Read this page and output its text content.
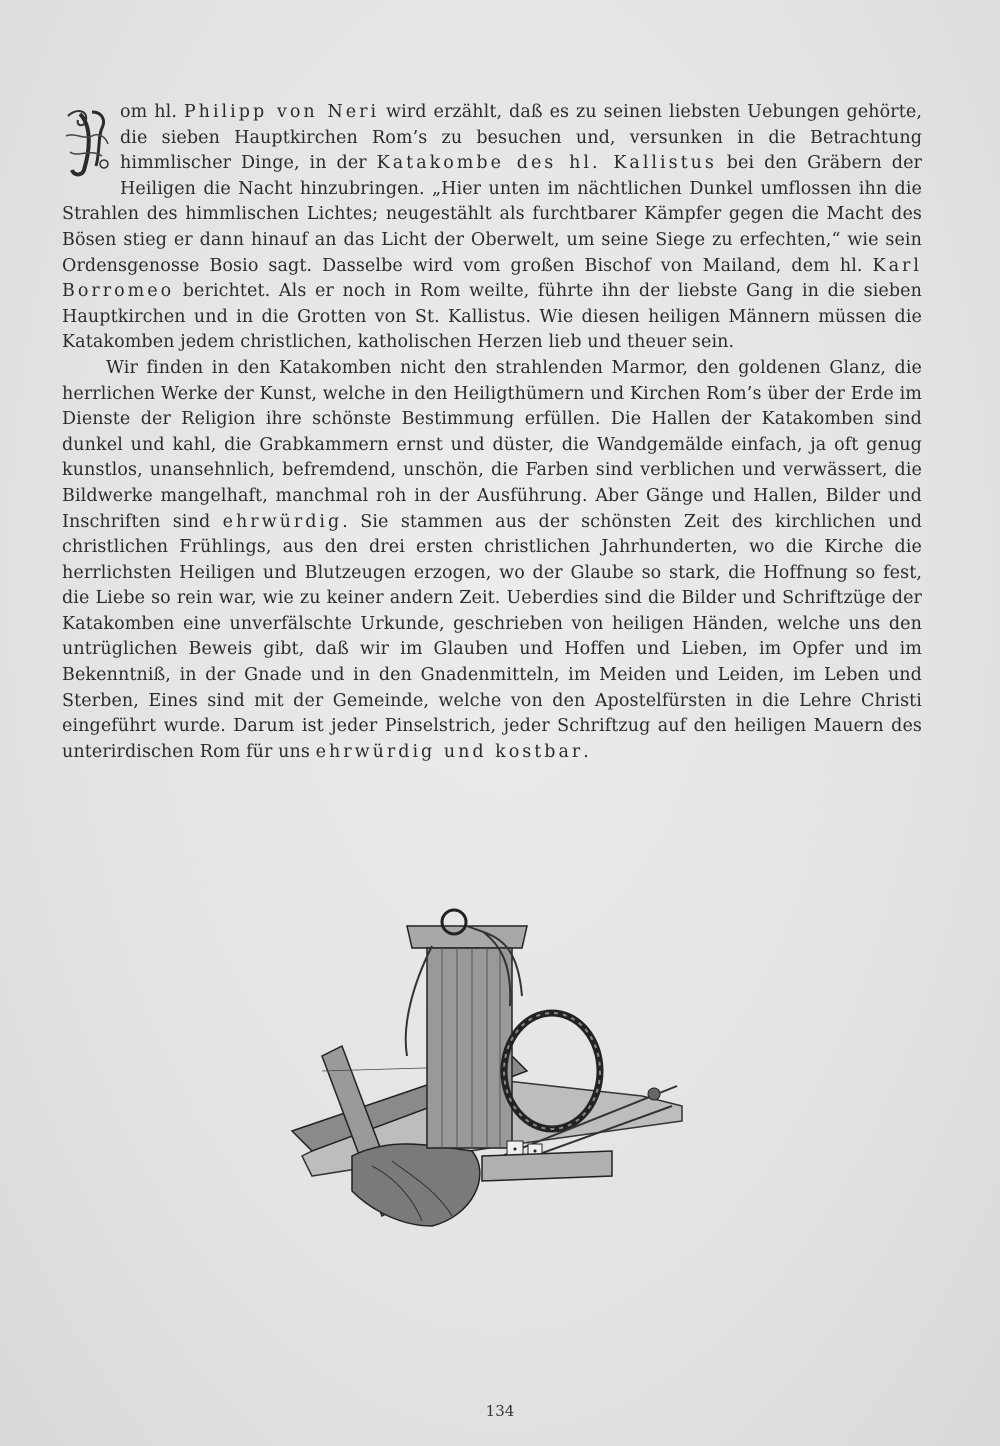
om hl. Philipp von Neri wird erzählt, daß es zu seinen liebsten Uebungen gehörte, die sieben Hauptkirchen Rom’s zu besuchen und, versunken in die Betrachtung himmlischer Dinge, in der Katakombe des hl. Kallistus bei den Gräbern der Heiligen die Nacht hinzubringen. „Hier unten im nächtlichen Dunkel umflossen ihn die Strahlen des himmlischen Lichtes; neugestählt als furchtbarer Kämpfer gegen die Macht des Bösen stieg er dann hinauf an das Licht der Oberwelt, um seine Siege zu erfechten,“ wie sein Ordensgenosse Bosio sagt. Dasselbe wird vom großen Bischof von Mailand, dem hl. Karl Borromeo berichtet. Als er noch in Rom weilte, führte ihn der liebste Gang in die sieben Hauptkirchen und in die Grotten von St. Kallistus. Wie diesen heiligen Männern müssen die Katakomben jedem christlichen, katholischen Herzen lieb und theuer sein.

Wir finden in den Katakomben nicht den strahlenden Marmor, den goldenen Glanz, die herrlichen Werke der Kunst, welche in den Heiligthümern und Kirchen Rom’s über der Erde im Dienste der Religion ihre schönste Bestimmung erfüllen. Die Hallen der Katakomben sind dunkel und kahl, die Grabkammern ernst und düster, die Wandgemälde einfach, ja oft genug kunstlos, unansehnlich, befremdend, unschön, die Farben sind verblichen und verwässert, die Bildwerke mangelhaft, manchmal roh in der Ausführung. Aber Gänge und Hallen, Bilder und Inschriften sind ehrwürdig. Sie stammen aus der schönsten Zeit des kirchlichen und christlichen Frühlings, aus den drei ersten christlichen Jahrhunderten, wo die Kirche die herrlichsten Heiligen und Blutzeugen erzogen, wo der Glaube so stark, die Hoffnung so fest, die Liebe so rein war, wie zu keiner andern Zeit. Ueberdies sind die Bilder und Schriftzüge der Katakomben eine unverfälschte Urkunde, geschrieben von heiligen Händen, welche uns den untrüglichen Beweis gibt, daß wir im Glauben und Hoffen und Lieben, im Opfer und im Bekenntniß, in der Gnade und in den Gnadenmitteln, im Meiden und Leiden, im Leben und Sterben, Eines sind mit der Gemeinde, welche von den Apostelfürsten in die Lehre Christi eingeführt wurde. Darum ist jeder Pinselstrich, jeder Schriftzug auf den heiligen Mauern des unterirdischen Rom für uns ehrwürdig und kostbar.

134
